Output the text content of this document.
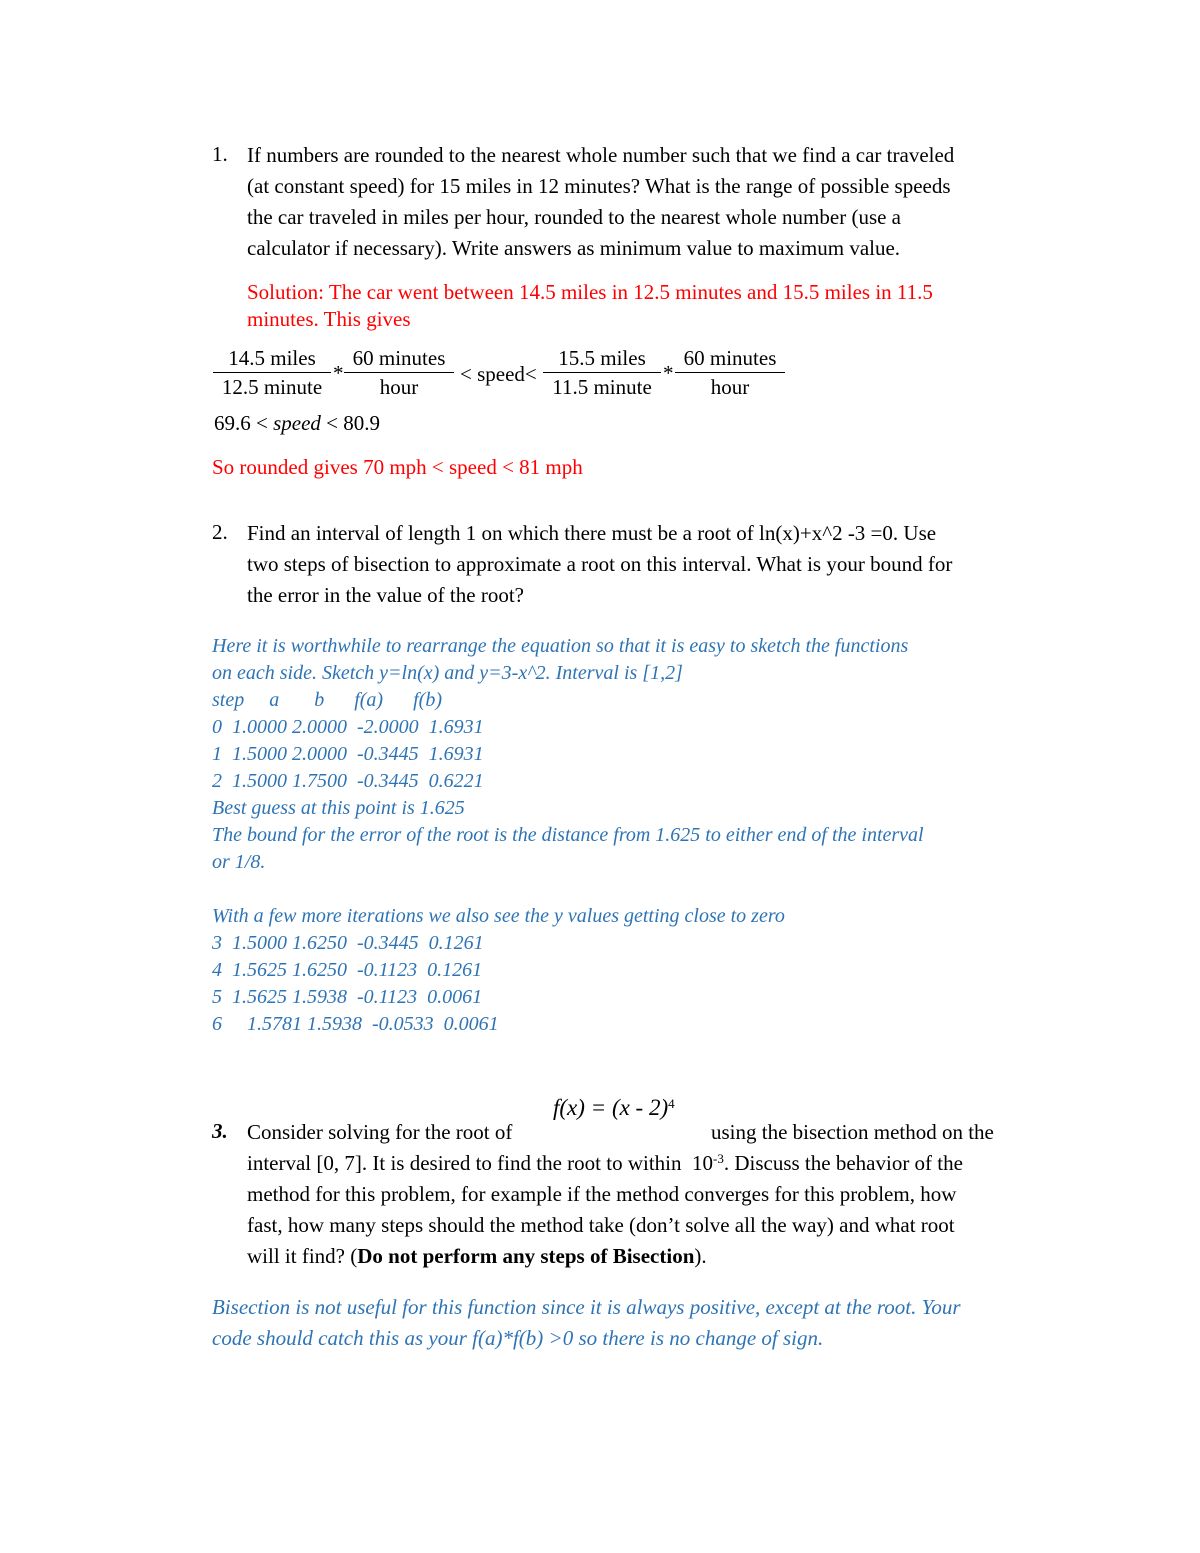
1. If numbers are rounded to the nearest whole number such that we find a car traveled
(at constant speed) for 15 miles in 12 minutes? What is the range of possible speeds
the car traveled in miles per hour, rounded to the nearest whole number (use a
calculator if necessary). Write answers as minimum value to maximum value.
Solution: The car went between 14.5 miles in 12.5 minutes and 15.5 miles in 11.5
minutes. This gives
14.5 miles
12.5 minute
*
60 minutes
hour
< speed<
15.5 miles
11.5 minute
*
60 minutes
hour
69.6 < speed < 80.9
So rounded gives 70 mph < speed < 81 mph
2. Find an interval of length 1 on which there must be a root of ln(x)+x^2 -3 =0. Use
two steps of bisection to approximate a root on this interval. What is your bound for
the error in the value of the root?
Here it is worthwhile to rearrange the equation so that it is easy to sketch the functions
on each side. Sketch y=ln(x) and y=3-x^2. Interval is [1,2]
step a b f(a) f(b)
0  1.0000 2.0000  -2.0000  1.6931
1  1.5000 2.0000  -0.3445  1.6931
2  1.5000 1.7500  -0.3445  0.6221
Best guess at this point is 1.625
The bound for the error of the root is the distance from 1.625 to either end of the interval
or 1/8.
With a few more iterations we also see the y values getting close to zero
3  1.5000 1.6250  -0.3445  0.1261
4  1.5625 1.6250  -0.1123  0.1261
5  1.5625 1.5938  -0.1123  0.0061
6     1.5781 1.5938  -0.0533  0.0061
3. Consider solving for the root of
f(x) = (x - 2)$^4$
using the bisection method on the
interval [0, 7]. It is desired to find the root to within $10^{-3}$. Discuss the behavior of the
method for this problem, for example if the method converges for this problem, how
fast, how many steps should the method take (don’t solve all the way) and what root
will it find? (Do not perform any steps of Bisection).
Bisection is not useful for this function since it is always positive, except at the root. Your
code should catch this as your f(a)*f(b) >0 so there is no change of sign.
